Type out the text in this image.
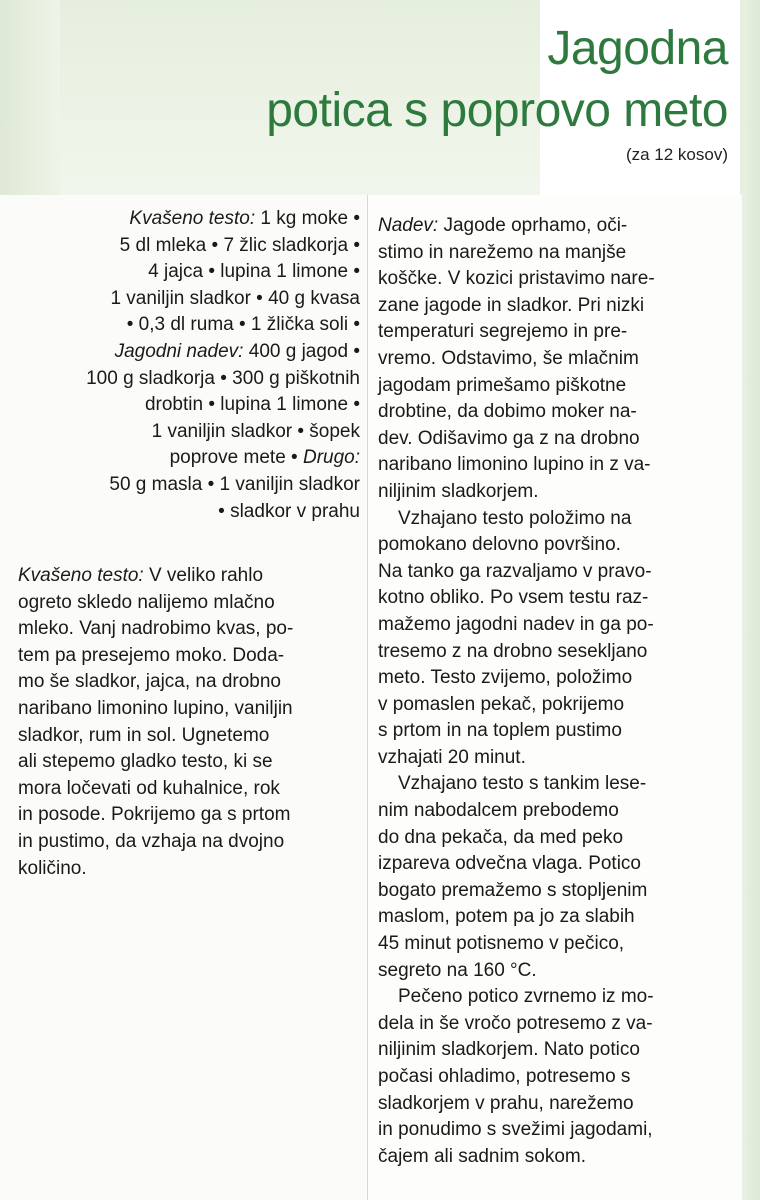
Jagodna
potica s poprovo meto
(za 12 kosov)
Kvašeno testo: 1 kg moke •
5 dl mleka • 7 žlic sladkorja •
4 jajca • lupina 1 limone •
1 vaniljin sladkor • 40 g kvasa
• 0,3 dl ruma • 1 žlička soli •
Jagodni nadev: 400 g jagod •
100 g sladkorja • 300 g piškotnih
drobtin • lupina 1 limone •
1 vaniljin sladkor • šopek
poprove mete • Drugo:
50 g masla • 1 vaniljin sladkor
• sladkor v prahu
Kvašeno testo: V veliko rahlo
ogreto skledo nalijemo mlačno
mleko. Vanj nadrobimo kvas, po-
tem pa presejemo moko. Doda-
mo še sladkor, jajca, na drobno
naribano limonino lupino, vaniljin
sladkor, rum in sol. Ugnetemo
ali stepemo gladko testo, ki se
mora ločevati od kuhalnice, rok
in posode. Pokrijemo ga s prtom
in pustimo, da vzhaja na dvojno
količino.
Nadev: Jagode oprhamo, oči-
stimo in narežemo na manjše
koščke. V kozici pristavimo nare-
zane jagode in sladkor. Pri nizki
temperaturi segrejemo in pre-
vremo. Odstavimo, še mlačnim
jagodam primešamo piškotne
drobtine, da dobimo moker na-
dev. Odišavimo ga z na drobno
naribano limonino lupino in z va-
niljinim sladkorjem.
Vzhajano testo položimo na
pomokano delovno površino.
Na tanko ga razvaljamo v pravo-
kotno obliko. Po vsem testu raz-
mažemo jagodni nadev in ga po-
tresemo z na drobno sesekljano
meto. Testo zvijemo, položimo
v pomaslen pekač, pokrijemo
s prtom in na toplem pustimo
vzhajati 20 minut.
Vzhajano testo s tankim lese-
nim nabodalcem prebodemo
do dna pekača, da med peko
izpareva odvečna vlaga. Potico
bogato premažemo s stopljenim
maslom, potem pa jo za slabih
45 minut potisnemo v pečico,
segreto na 160 °C.
Pečeno potico zvrnemo iz mo-
dela in še vročo potresemo z va-
niljinim sladkorjem. Nato potico
počasi ohladimo, potresemo s
sladkorjem v prahu, narežemo
in ponudimo s svežimi jagodami,
čajem ali sadnim sokom.
